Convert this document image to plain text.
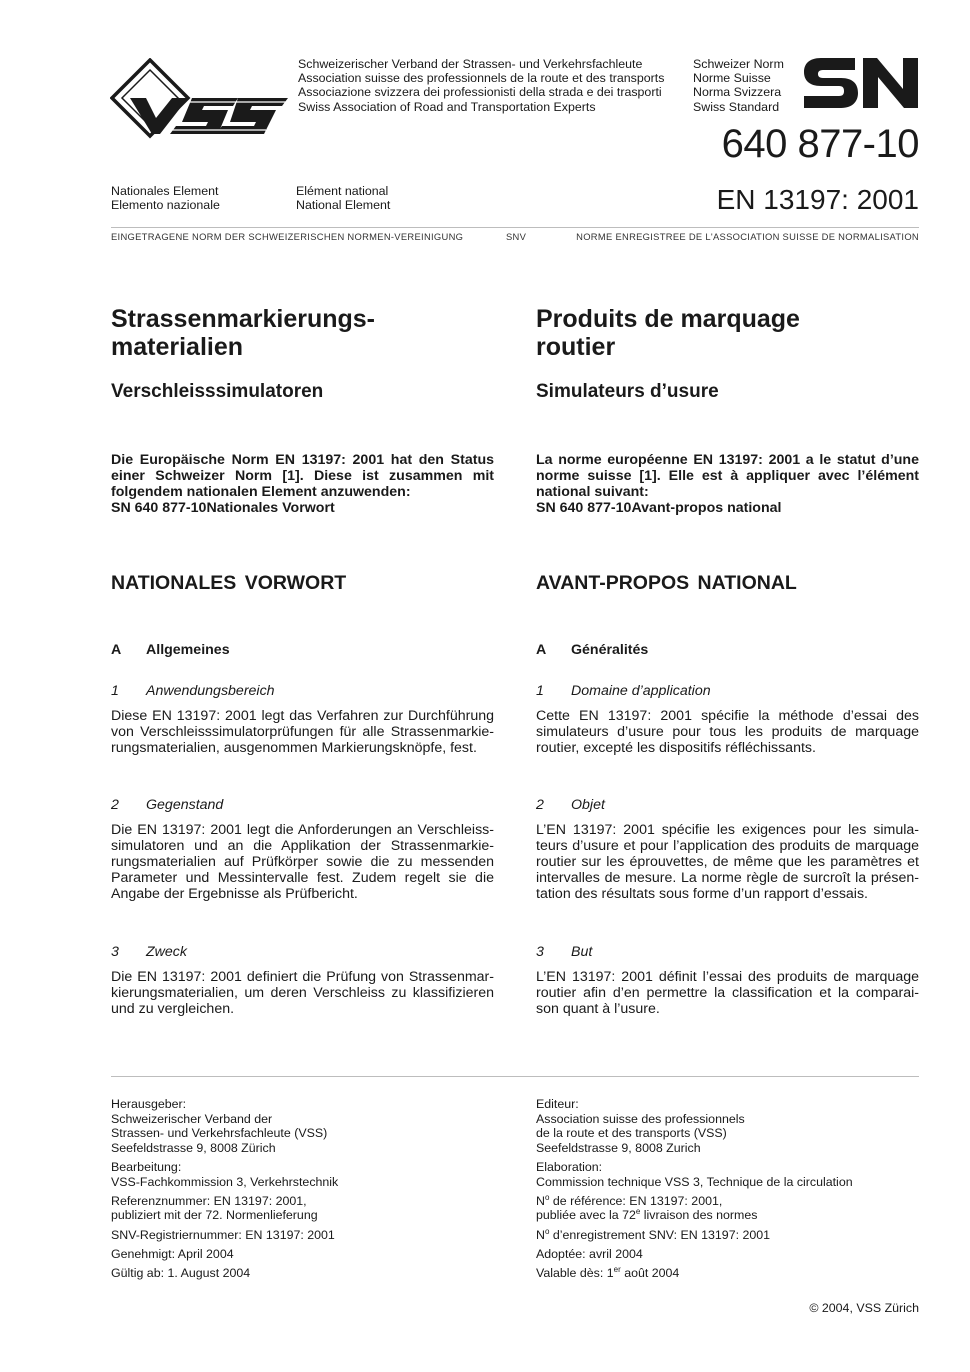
Schweizerischer Verband der Strassen- und Verkehrsfachleute
Association suisse des professionnels de la route et des transports
Associazione svizzera dei professionisti della strada e dei trasporti
Swiss Association of Road and Transportation Experts
Schweizer Norm
Norme Suisse
Norma Svizzera
Swiss Standard
640 877-10
EN 13197: 2001
Nationales Element
Elemento nazionale
Elément national
National Element
EINGETRAGENE NORM DER SCHWEIZERISCHEN NORMEN-VEREINIGUNG	SNV	NORME ENREGISTREE DE L'ASSOCIATION SUISSE DE NORMALISATION
Strassenmarkierungs-
materialien
Verschleisssimulatoren
Produits de marquage
routier
Simulateurs d’usure

Die Europäische Norm EN 13197: 2001 hat den Status einer Schweizer Norm [1]. Diese ist zusammen mit folgendem nationalen Element anzuwenden:

SN 640 877-10Nationales Vorwort

La norme européenne EN 13197: 2001 a le statut d’une norme suisse [1]. Elle est à appliquer avec l’élément national suivant:

SN 640 877-10Avant-propos national
NATIONALES VORWORT	AVANT-PROPOS NATIONAL
A Allgemeines	A Généralités
1 Anwendungsbereich

Diese EN 13197: 2001 legt das Verfahren zur Durchführung von Verschleisssimulatorprüfungen für alle Strassenmarkie- rungsmaterialien, ausgenommen Markierungsknöpfe, fest.

1 Domaine d’application

Cette EN 13197: 2001 spécifie la méthode d’essai des simulateurs d’usure pour tous les produits de marquage routier, excepté les dispositifs réfléchissants.

2 Gegenstand

Die EN 13197: 2001 legt die Anforderungen an Verschleiss- simulatoren und an die Applikation der Strassenmarkie- rungsmaterialien auf Prüfkörper sowie die zu messenden Parameter und Messintervalle fest. Zudem regelt sie die Angabe der Ergebnisse als Prüfbericht.

2 Objet

L’EN 13197: 2001 spécifie les exigences pour les simula- teurs d’usure et pour l’application des produits de marquage routier sur les éprouvettes, de même que les paramètres et intervalles de mesure. La norme règle de surcroît la présen- tation des résultats sous forme d’un rapport d’essais.

3 Zweck

Die EN 13197: 2001 definiert die Prüfung von Strassenmar- kierungsmaterialien, um deren Verschleiss zu klassifizieren und zu vergleichen.

3 But

L’EN 13197: 2001 définit l’essai des produits de marquage routier afin d’en permettre la classification et la comparai- son quant à l’usure.

Herausgeber:
Schweizerischer Verband der
Strassen- und Verkehrsfachleute (VSS)
Seefeldstrasse 9, 8008 Zürich
Bearbeitung:
VSS-Fachkommission 3, Verkehrstechnik
Referenznummer: EN 13197: 2001,
publiziert mit der 72. Normenlieferung
SNV-Registriernummer: EN 13197: 2001
Genehmigt: April 2004
Gültig ab: 1. August 2004
Editeur:
Association suisse des professionnels
de la route et des transports (VSS)
Seefeldstrasse 9, 8008 Zurich
Elaboration:
Commission technique VSS 3, Technique de la circulation
$N^o$ de référence: EN 13197: 2001,
publiée avec la 72e livraison des normes
$N^o$ d’enregistrement SNV: EN 13197: 2001
Adoptée: avril 2004
Valable dès: 1er août 2004
© 2004, VSS Zürich
